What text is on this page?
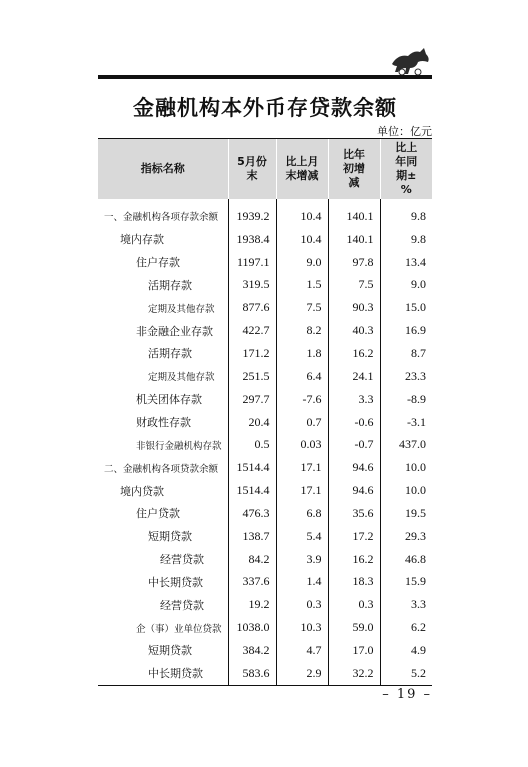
金融机构本外币存贷款余额
单位：亿元
指标名称	5月份末	比上月末增减	比年初增减	比上年同期±%

一、金融机构各项存款余额	1939.2	10.4	140.1	9.8
境内存款	1938.4	10.4	140.1	9.8
住户存款	1197.1	9.0	97.8	13.4
活期存款	319.5	1.5	7.5	9.0
定期及其他存款	877.6	7.5	90.3	15.0
非金融企业存款	422.7	8.2	40.3	16.9
活期存款	171.2	1.8	16.2	8.7
定期及其他存款	251.5	6.4	24.1	23.3
机关团体存款	297.7	-7.6	3.3	-8.9
财政性存款	20.4	0.7	-0.6	-3.1
非银行金融机构存款	0.5	0.03	-0.7	437.0
二、金融机构各项贷款余额	1514.4	17.1	94.6	10.0
境内贷款	1514.4	17.1	94.6	10.0
住户贷款	476.3	6.8	35.6	19.5
短期贷款	138.7	5.4	17.2	29.3
经营贷款	84.2	3.9	16.2	46.8
中长期贷款	337.6	1.4	18.3	15.9
经营贷款	19.2	0.3	0.3	3.3
企（事）业单位贷款	1038.0	10.3	59.0	6.2
短期贷款	384.2	4.7	17.0	4.9
中长期贷款	583.6	2.9	32.2	5.2
– 19 –
